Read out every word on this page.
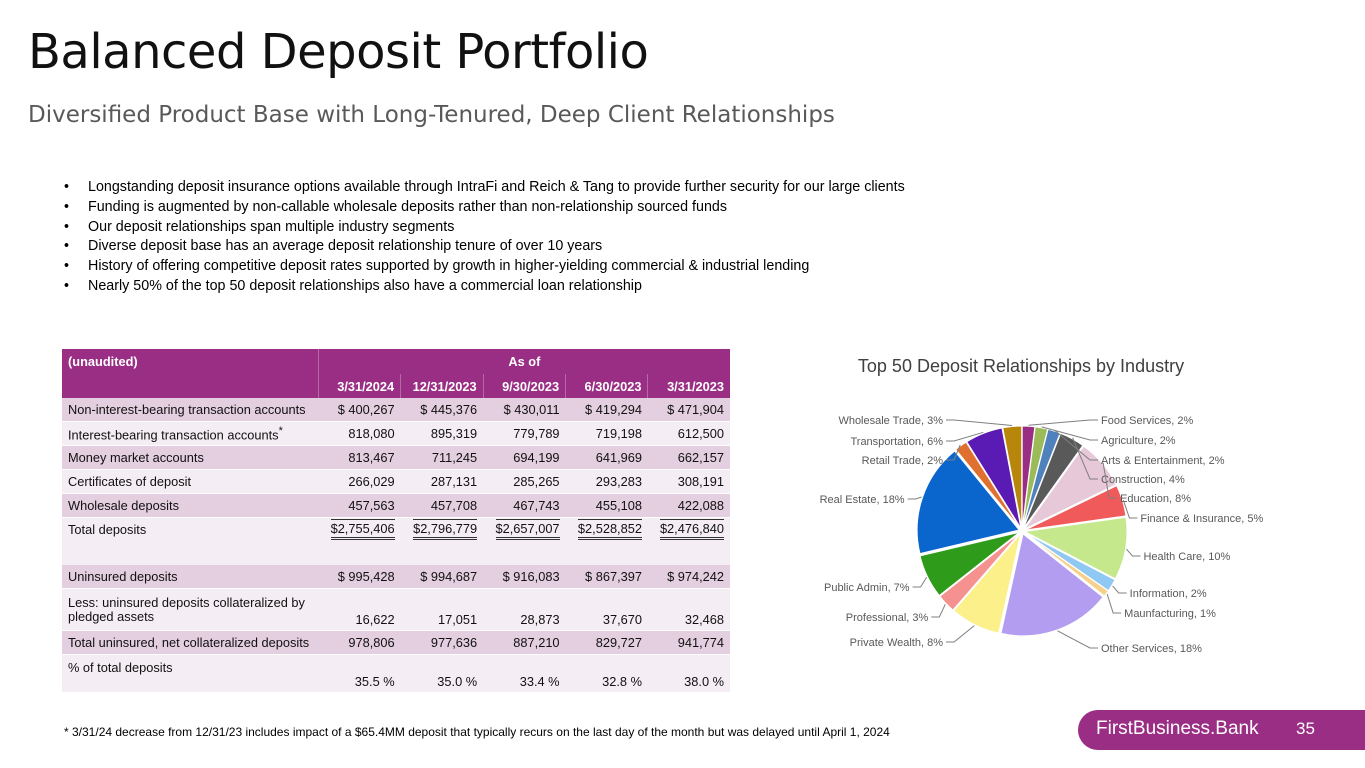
Balanced Deposit Portfolio
Diversified Product Base with Long-Tenured, Deep Client Relationships
• Longstanding deposit insurance options available through IntraFi and Reich & Tang to provide further security for our large clients
• Funding is augmented by non-callable wholesale deposits rather than non-relationship sourced funds
• Our deposit relationships span multiple industry segments
• Diverse deposit base has an average deposit relationship tenure of over 10 years
• History of offering competitive deposit rates supported by growth in higher-yielding commercial & industrial lending
• Nearly 50% of the top 50 deposit relationships also have a commercial loan relationship
(unaudited)	As of				
	3/31/2024	12/31/2023	9/30/2023	6/30/2023	3/31/2023
Non-interest-bearing transaction accounts	$ 400,267	$ 445,376	$ 430,011	$ 419,294	$ 471,904
Interest-bearing transaction accounts*	818,080	895,319	779,789	719,198	612,500
Money market accounts	813,467	711,245	694,199	641,969	662,157
Certificates of deposit	266,029	287,131	285,265	293,283	308,191
Wholesale deposits	457,563	457,708	467,743	455,108	422,088
Total deposits	$2,755,406	$2,796,779	$2,657,007	$2,528,852	$2,476,840

Uninsured deposits	$ 995,428	$ 994,687	$ 916,083	$ 867,397	$ 974,242
Less: uninsured deposits collateralized by pledged assets	16,622	17,051	28,873	37,670	32,468
Total uninsured, net collateralized deposits	978,806	977,636	887,210	829,727	941,774
% of total deposits	35.5 %	35.0 %	33.4 %	32.8 %	38.0 %
Top 50 Deposit Relationships by Industry
Food Services, 2%
Agriculture, 2%
Arts & Entertainment, 2%
Construction, 4%
Education, 8%
Finance & Insurance, 5%
Health Care, 10%
Information, 2%
Maunfacturing, 1%
Other Services, 18%
Private Wealth, 8%
Professional, 3%
Public Admin, 7%
Real Estate, 18%
Retail Trade, 2%
Transportation, 6%
Wholesale Trade, 3%
* 3/31/24 decrease from 12/31/23 includes impact of a $65.4MM deposit that typically recurs on the last day of the month but was delayed until April 1, 2024	FirstBusiness.Bank 35
